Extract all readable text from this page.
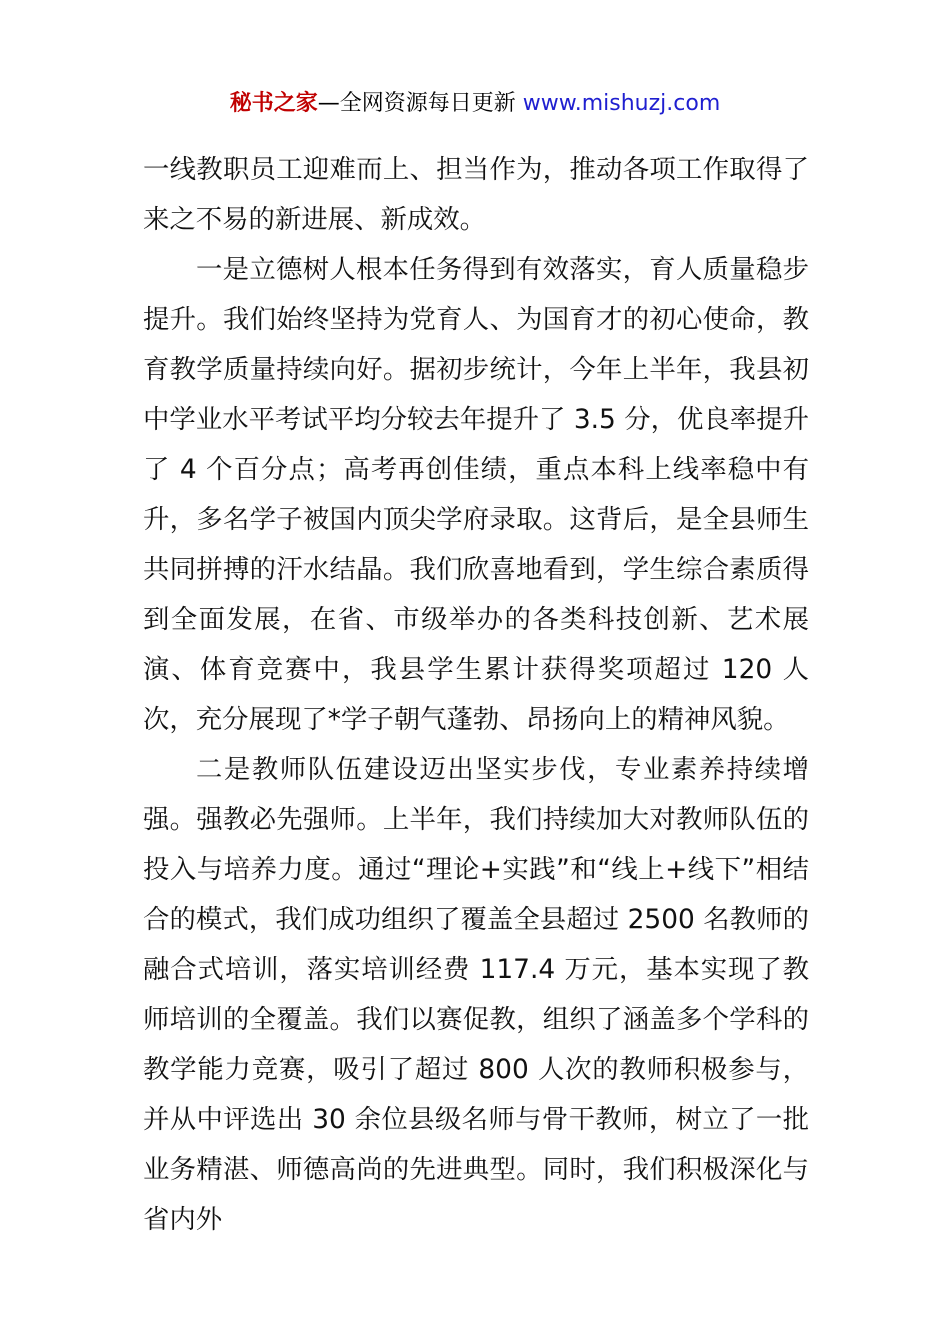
秘书之家—全网资源每日更新 www.mishuzj.com

一线教职员工迎难而上、担当作为，推动各项工作取得了来之不易的新进展、新成效。

一是立德树人根本任务得到有效落实，育人质量稳步提升。我们始终坚持为党育人、为国育才的初心使命，教育教学质量持续向好。据初步统计，今年上半年，我县初中学业水平考试平均分较去年提升了 3.5 分，优良率提升了 4 个百分点；高考再创佳绩，重点本科上线率稳中有升，多名学子被国内顶尖学府录取。这背后，是全县师生共同拼搏的汗水结晶。我们欣喜地看到，学生综合素质得到全面发展，在省、市级举办的各类科技创新、艺术展演、体育竞赛中，我县学生累计获得奖项超过 120 人次，充分展现了*学子朝气蓬勃、昂扬向上的精神风貌。

二是教师队伍建设迈出坚实步伐，专业素养持续增强。强教必先强师。上半年，我们持续加大对教师队伍的投入与培养力度。通过“理论+实践”和“线上+线下”相结合的模式，我们成功组织了覆盖全县超过 2500 名教师的融合式培训，落实培训经费 117.4 万元，基本实现了教师培训的全覆盖。我们以赛促教，组织了涵盖多个学科的教学能力竞赛，吸引了超过 800 人次的教师积极参与，并从中评选出 30 余位县级名师与骨干教师，树立了一批业务精湛、师德高尚的先进典型。同时，我们积极深化与省内外
